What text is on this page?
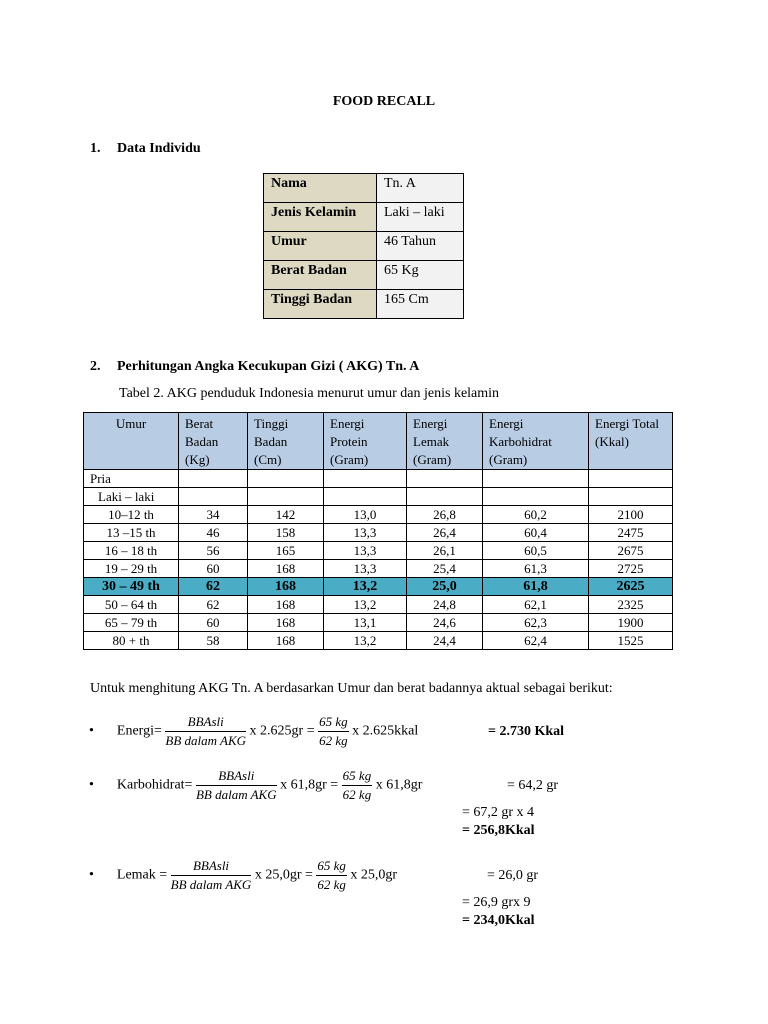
FOOD RECALL
1. Data Individu
Nama	Tn. A
Jenis Kelamin	Laki – laki
Umur	46 Tahun
Berat Badan	65 Kg
Tinggi Badan	165 Cm
2. Perhitungan Angka Kecukupan Gizi ( AKG) Tn. A
Tabel 2. AKG penduduk Indonesia menurut umur dan jenis kelamin
Umur	Berat Badan (Kg)	Tinggi Badan (Cm)	Energi Protein (Gram)	Energi Lemak (Gram)	Energi Karbohidrat (Gram)	Energi Total (Kkal)
Pria						
Laki – laki						
10–12 th	34	142	13,0	26,8	60,2	2100
13 –15 th	46	158	13,3	26,4	60,4	2475
16 – 18 th	56	165	13,3	26,1	60,5	2675
19 – 29 th	60	168	13,3	25,4	61,3	2725
30 – 49 th	62	168	13,2	25,0	61,8	2625
50 – 64 th	62	168	13,2	24,8	62,1	2325
65 – 79 th	60	168	13,1	24,6	62,3	1900
80 + th	58	168	13,2	24,4	62,4	1525
Untuk menghitung AKG Tn. A berdasarkan Umur dan berat badannya aktual sebagai berikut:
• Energi= $\frac{\text{BBAsli}}{\text{BB dalam AKG}}$ x $2.625gr = \frac{65 kg}{62 kg}$ x 2.625kkal	= 2.730 Kkal
• Karbohidrat= $\frac{\text{BBAsli}}{\text{BB dalam AKG}}$ x $61,8gr = \frac{65 kg}{62 kg}$ x 61,8gr	= 64,2 gr
= 67,2 gr x 4
= 256,8Kkal
• Lemak = $\frac{\text{BBAsli}}{\text{BB dalam AKG}}$ x $25,0gr = \frac{65 kg}{62 kg}$ x 25,0gr	= 26,0 gr
= 26,9 grx 9
= 234,0Kkal
